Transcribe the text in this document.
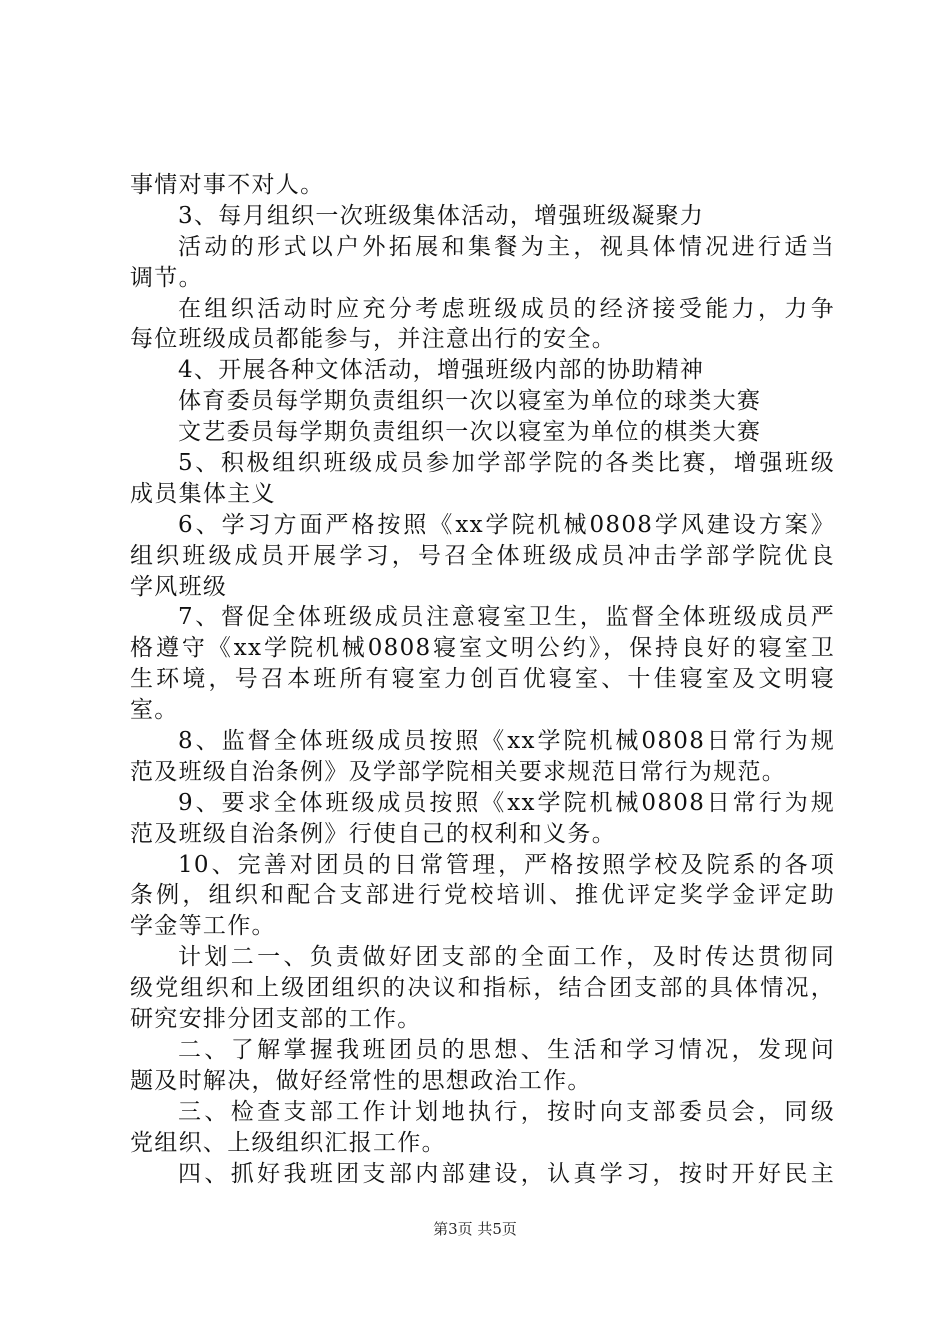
事情对事不对人。
3、每月组织一次班级集体活动，增强班级凝聚力
活动的形式以户外拓展和集餐为主，视具体情况进行适当
调节。
在组织活动时应充分考虑班级成员的经济接受能力，力争
每位班级成员都能参与，并注意出行的安全。
4、开展各种文体活动，增强班级内部的协助精神
体育委员每学期负责组织一次以寝室为单位的球类大赛
文艺委员每学期负责组织一次以寝室为单位的棋类大赛
5、积极组织班级成员参加学部学院的各类比赛，增强班级
成员集体主义
6、学习方面严格按照《xx学院机械0808学风建设方案》
组织班级成员开展学习，号召全体班级成员冲击学部学院优良
学风班级
7、督促全体班级成员注意寝室卫生，监督全体班级成员严
格遵守《xx学院机械0808寝室文明公约》，保持良好的寝室卫
生环境，号召本班所有寝室力创百优寝室、十佳寝室及文明寝
室。
8、监督全体班级成员按照《xx学院机械0808日常行为规
范及班级自治条例》及学部学院相关要求规范日常行为规范。
9、要求全体班级成员按照《xx学院机械0808日常行为规
范及班级自治条例》行使自己的权利和义务。
10、完善对团员的日常管理，严格按照学校及院系的各项
条例，组织和配合支部进行党校培训、推优评定奖学金评定助
学金等工作。
计划二一、负责做好团支部的全面工作，及时传达贯彻同
级党组织和上级团组织的决议和指标，结合团支部的具体情况，
研究安排分团支部的工作。
二、了解掌握我班团员的思想、生活和学习情况，发现问
题及时解决，做好经常性的思想政治工作。
三、检查支部工作计划地执行，按时向支部委员会，同级
党组织、上级组织汇报工作。
四、抓好我班团支部内部建设，认真学习，按时开好民主
第3页 共5页
